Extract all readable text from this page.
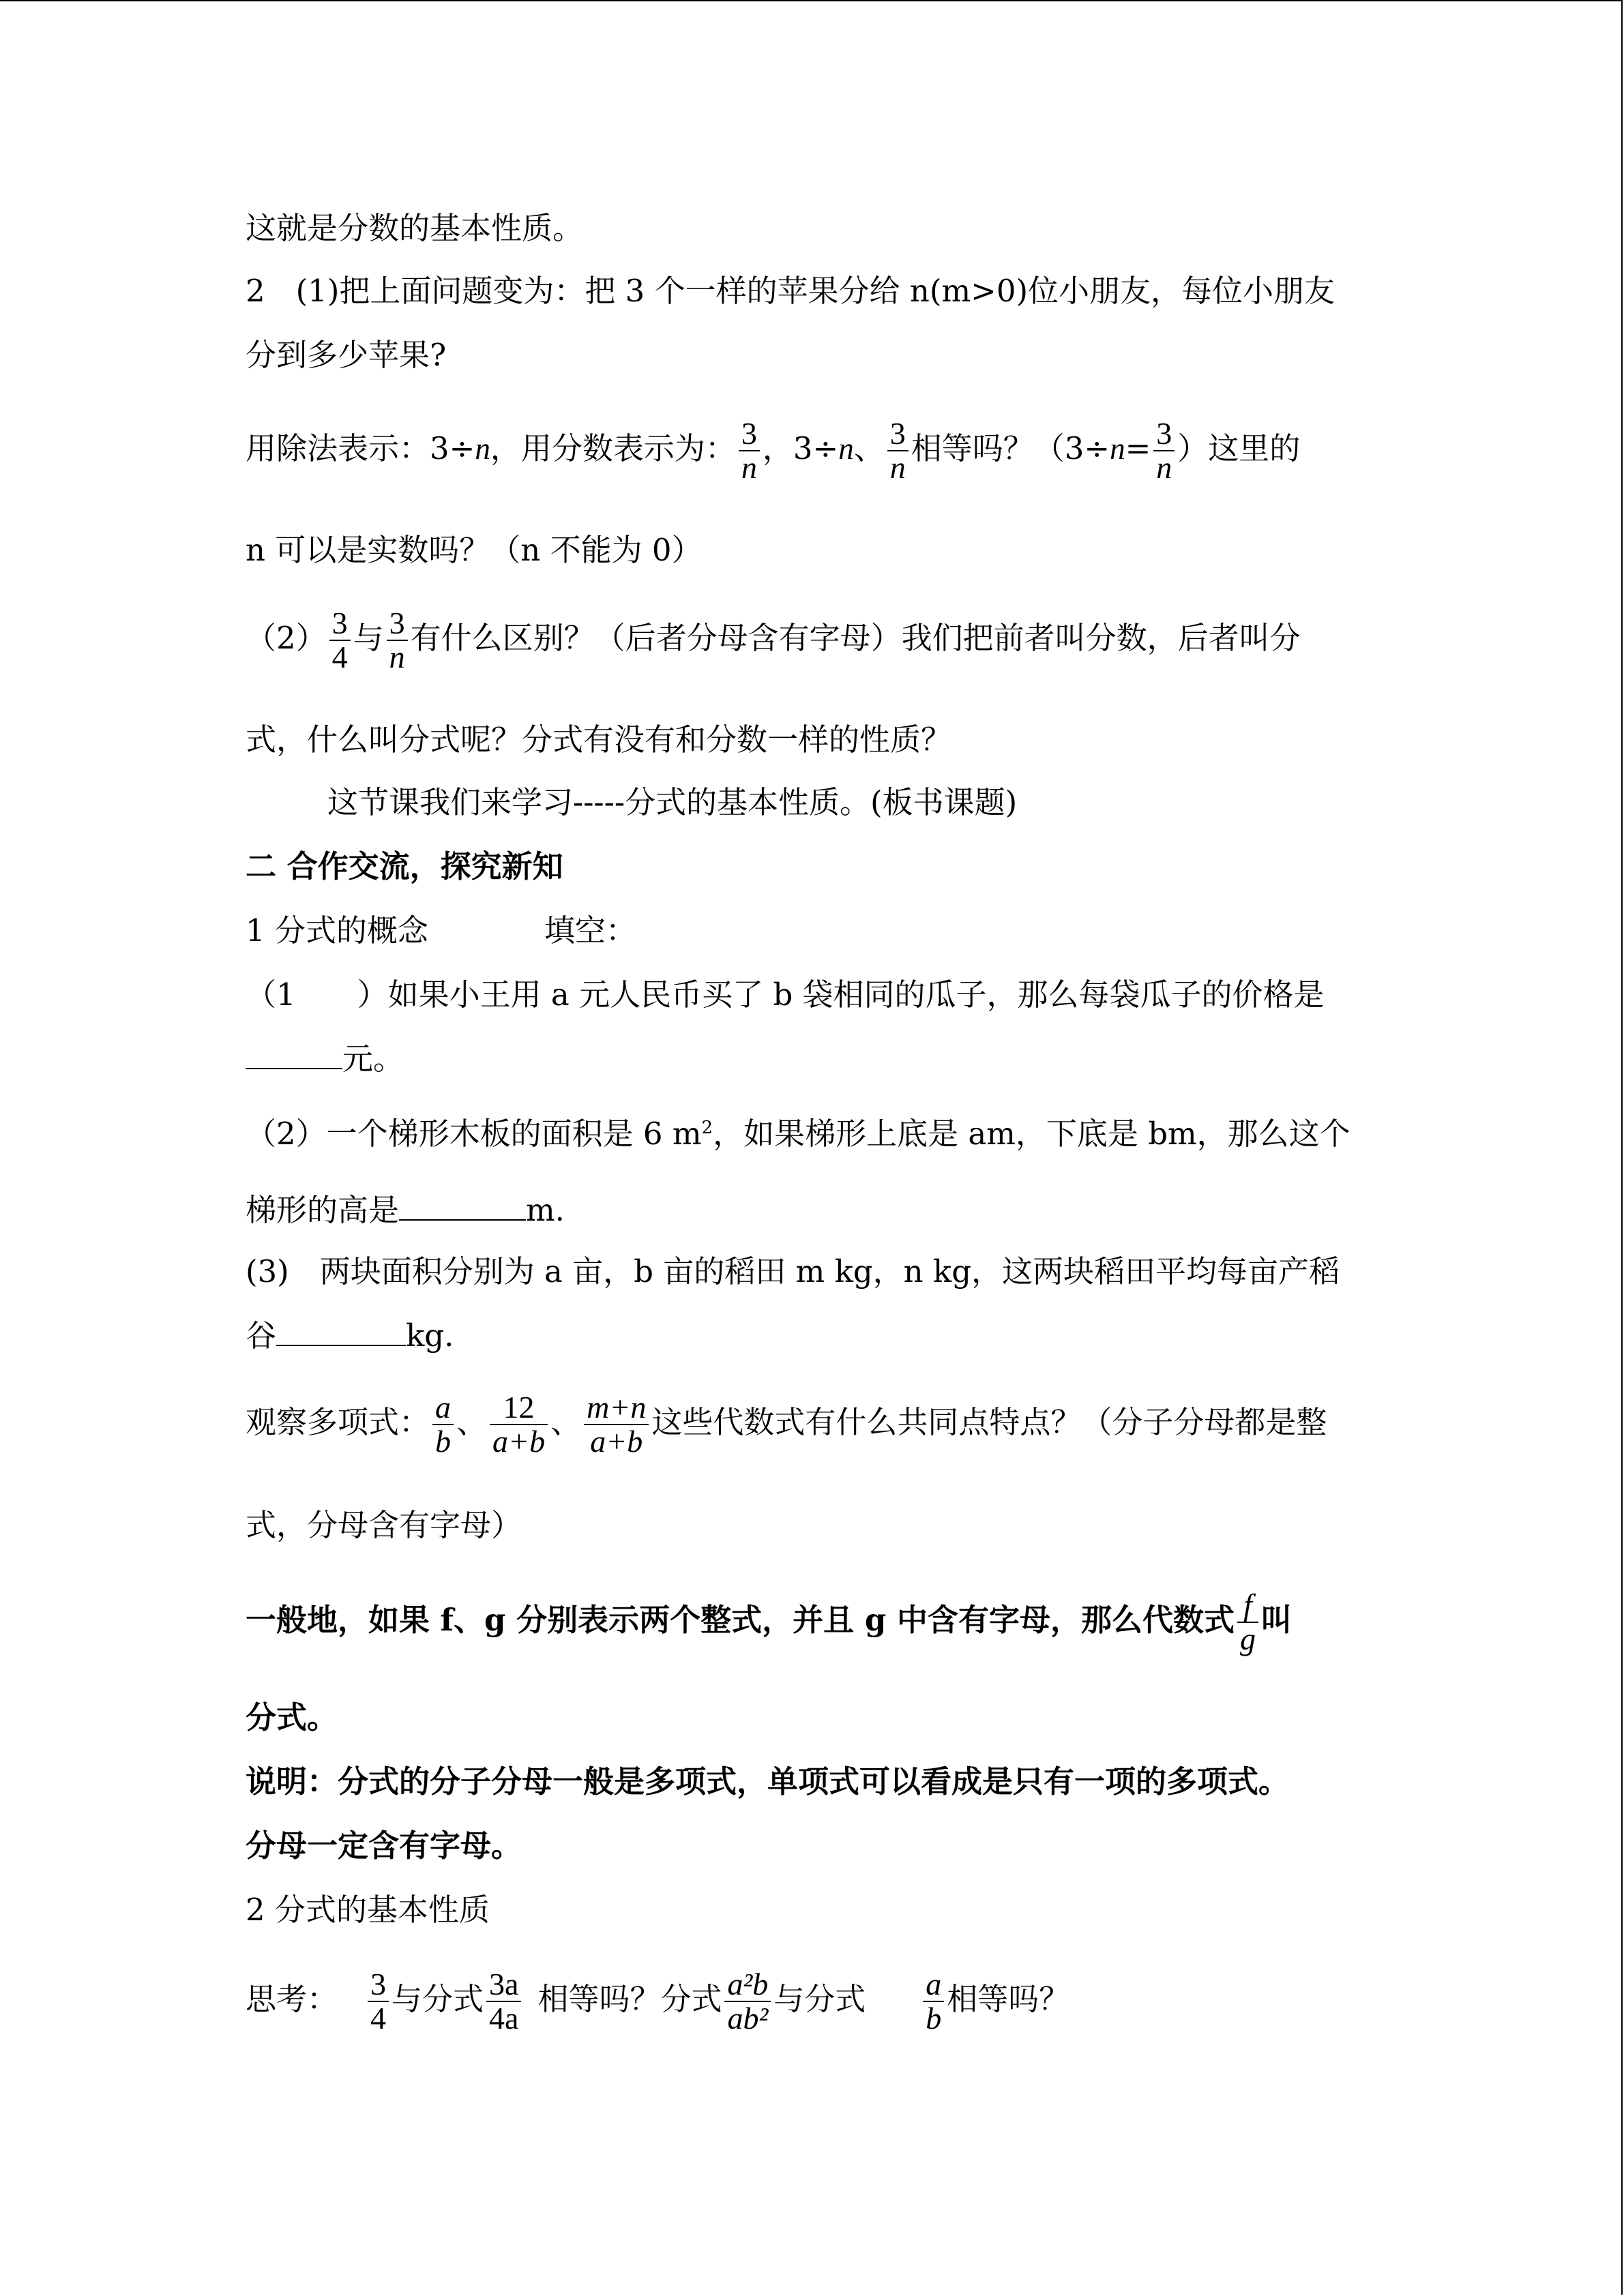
这就是分数的基本性质。
2　(1)把上面问题变为：把 3 个一样的苹果分给 n(m>0)位小朋友，每位小朋友
分到多少苹果?
用除法表示：3÷n，用分数表示为： $\frac{3}{n}$ ，3÷n、 $\frac{3}{n}$ 相等吗？（$3\div n= \frac{3}{n}$ ）这里的
n 可以是实数吗？（n 不能为 0）
$(2) \frac{3}{4}$ 与 $\frac{3}{n}$ 有什么区别？（后者分母含有字母）我们把前者叫分数，后者叫分
式，什么叫分式呢？分式有没有和分数一样的性质？
这节课我们来学习-----分式的基本性质。(板书课题)
二 合作交流，探究新知
1 分式的概念	填空：
（1　　）如果小王用 a 元人民币买了 b 袋相同的瓜子，那么每袋瓜子的价格是
元。
（2）一个梯形木板的面积是 6 $m^2$，如果梯形上底是 am，下底是 bm，那么这个
梯形的高是	m.
(3)　两块面积分别为 a 亩，b 亩的稻田 m kg，n kg，这两块稻田平均每亩产稻
谷	kg.
观察多项式： $\frac{a}{b}$ 、 $\frac{12}{a+b}$ 、 $\frac{m+n}{a+b}$ 这些代数式有什么共同点特点？（分子分母都是整
式，分母含有字母）
一般地，如果 f、g 分别表示两个整式，并且 g 中含有字母，那么代数式 $\frac{f}{g}$ 叫
分式。
说明：分式的分子分母一般是多项式，单项式可以看成是只有一项的多项式。
分母一定含有字母。
2 分式的基本性质
思考： $\frac{3}{4}$ 与分式 $\frac{3a}{4a}$ 相等吗？分式 $\frac{\text{a²b}}{\text{ab²}}$ 与分式 $\frac{a}{b}$ 相等吗？
